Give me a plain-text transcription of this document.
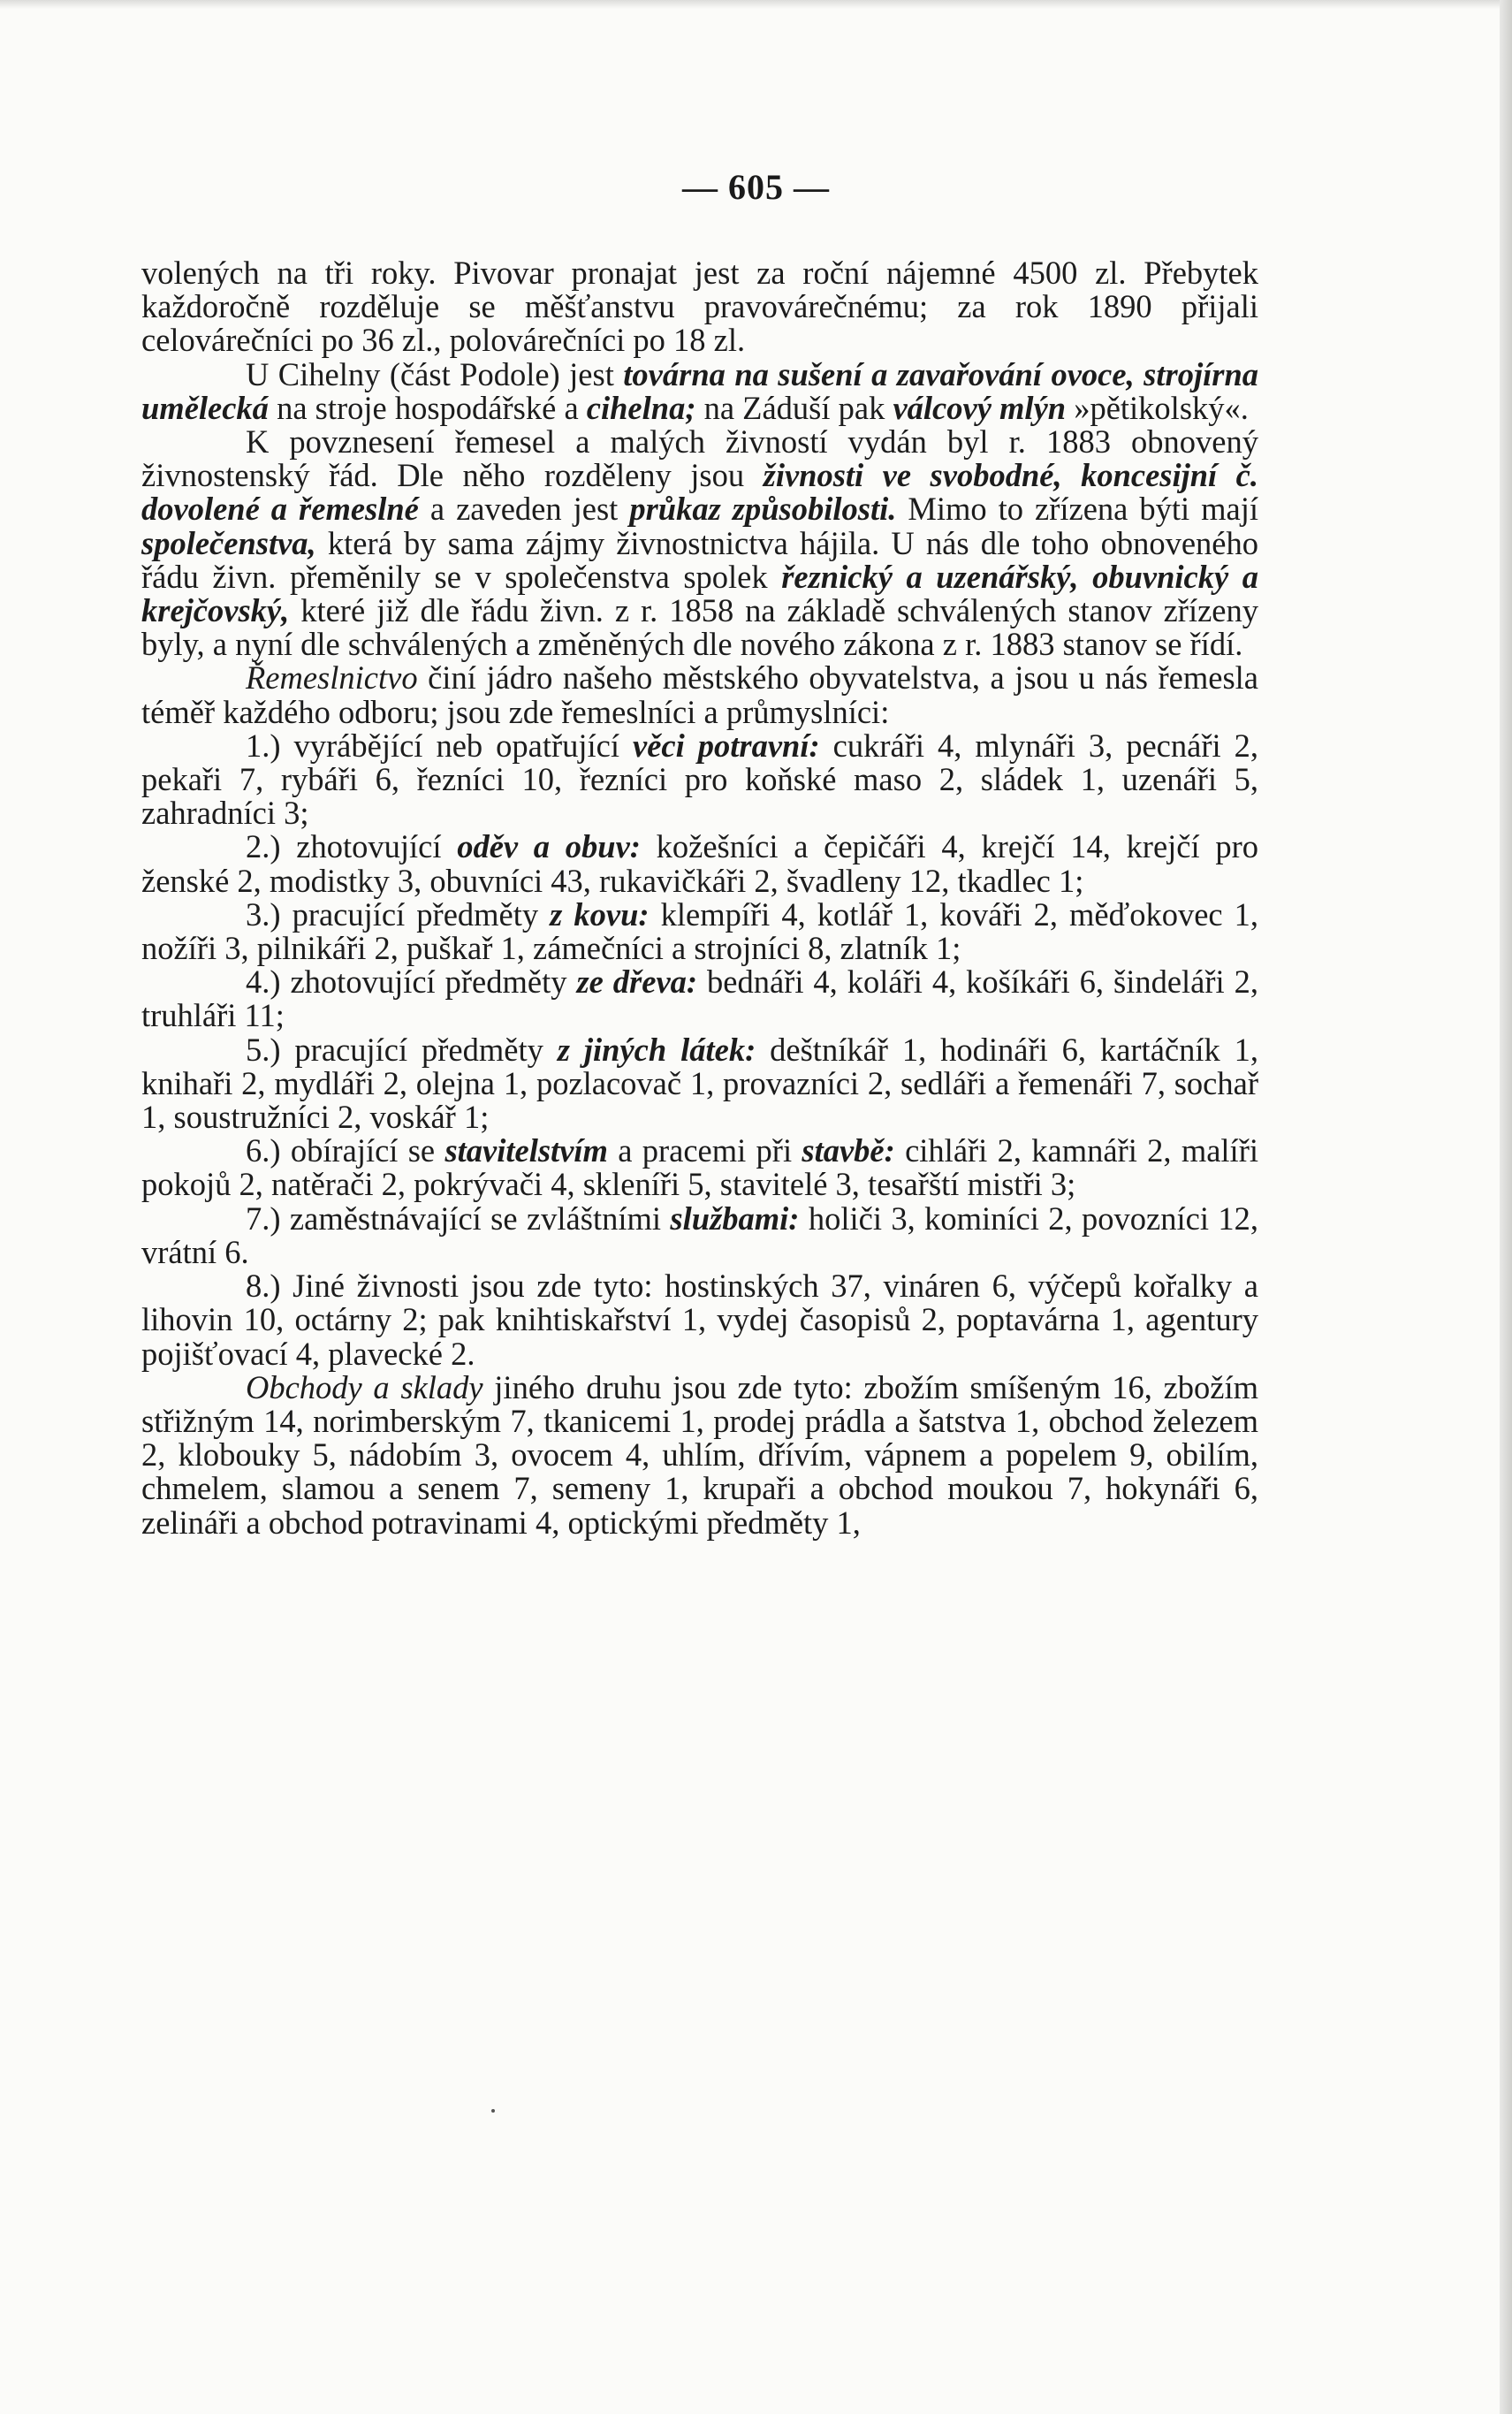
— 605 —

volených na tři roky. Pivovar pronajat jest za roční nájemné 4500 zl. Přebytek každoročně rozděluje se měšťanstvu pravovárečnému; za rok 1890 přijali celovárečníci po 36 zl., polovárečníci po 18 zl.

U Cihelny (část Podole) jest továrna na sušení a zavařování ovoce, strojírna umělecká na stroje hospodářské a cihelna; na Záduší pak válcový mlýn »pětikolský«.

K povznesení řemesel a malých živností vydán byl r. 1883 obnovený živnostenský řád. Dle něho rozděleny jsou živnosti ve svobodné, koncesijní č. dovolené a řemeslné a zaveden jest průkaz způsobilosti. Mimo to zřízena býti mají společenstva, která by sama zájmy živnostnictva hájila. U nás dle toho obnoveného řádu živn. přeměnily se v společenstva spolek řeznický a uzenářský, obuvnický a krejčovský, které již dle řádu živn. z r. 1858 na základě schválených stanov zřízeny byly, a nyní dle schválených a změněných dle nového zákona z r. 1883 stanov se řídí.

Řemeslnictvo činí jádro našeho městského obyvatelstva, a jsou u nás řemesla téměř každého odboru; jsou zde řemeslníci a průmyslníci:

1.) vyrábějící neb opatřující věci potravní: cukráři 4, mlynáři 3, pecnáři 2, pekaři 7, rybáři 6, řezníci 10, řezníci pro koňské maso 2, sládek 1, uzenáři 5, zahradníci 3;

2.) zhotovující oděv a obuv: kožešníci a čepičáři 4, krejčí 14, krejčí pro ženské 2, modistky 3, obuvníci 43, rukavičkáři 2, švadleny 12, tkadlec 1;

3.) pracující předměty z kovu: klempíři 4, kotlář 1, kováři 2, měďokovec 1, nožíři 3, pilnikáři 2, puškař 1, zámečníci a strojníci 8, zlatník 1;

4.) zhotovující předměty ze dřeva: bednáři 4, koláři 4, košíkáři 6, šindeláři 2, truhláři 11;

5.) pracující předměty z jiných látek: deštníkář 1, hodináři 6, kartáčník 1, knihaři 2, mydláři 2, olejna 1, pozlacovač 1, provazníci 2, sedláři a řemenáři 7, sochař 1, soustružníci 2, voskář 1;

6.) obírající se stavitelstvím a pracemi při stavbě: cihláři 2, kamnáři 2, malíři pokojů 2, natěrači 2, pokrývači 4, skleníři 5, stavitelé 3, tesařští mistři 3;

7.) zaměstnávající se zvláštními službami: holiči 3, kominíci 2, povozníci 12, vrátní 6.

8.) Jiné živnosti jsou zde tyto: hostinských 37, vináren 6, výčepů kořalky a lihovin 10, octárny 2; pak knihtiskařství 1, vydej časopisů 2, poptavárna 1, agentury pojišťovací 4, plavecké 2.

Obchody a sklady jiného druhu jsou zde tyto: zbožím smíšeným 16, zbožím střižným 14, norimberským 7, tkanicemi 1, prodej prádla a šatstva 1, obchod železem 2, klobouky 5, nádobím 3, ovocem 4, uhlím, dřívím, vápnem a popelem 9, obilím, chmelem, slamou a senem 7, semeny 1, krupaři a obchod moukou 7, hokynáři 6, zelináři a obchod potravinami 4, optickými předměty 1,
